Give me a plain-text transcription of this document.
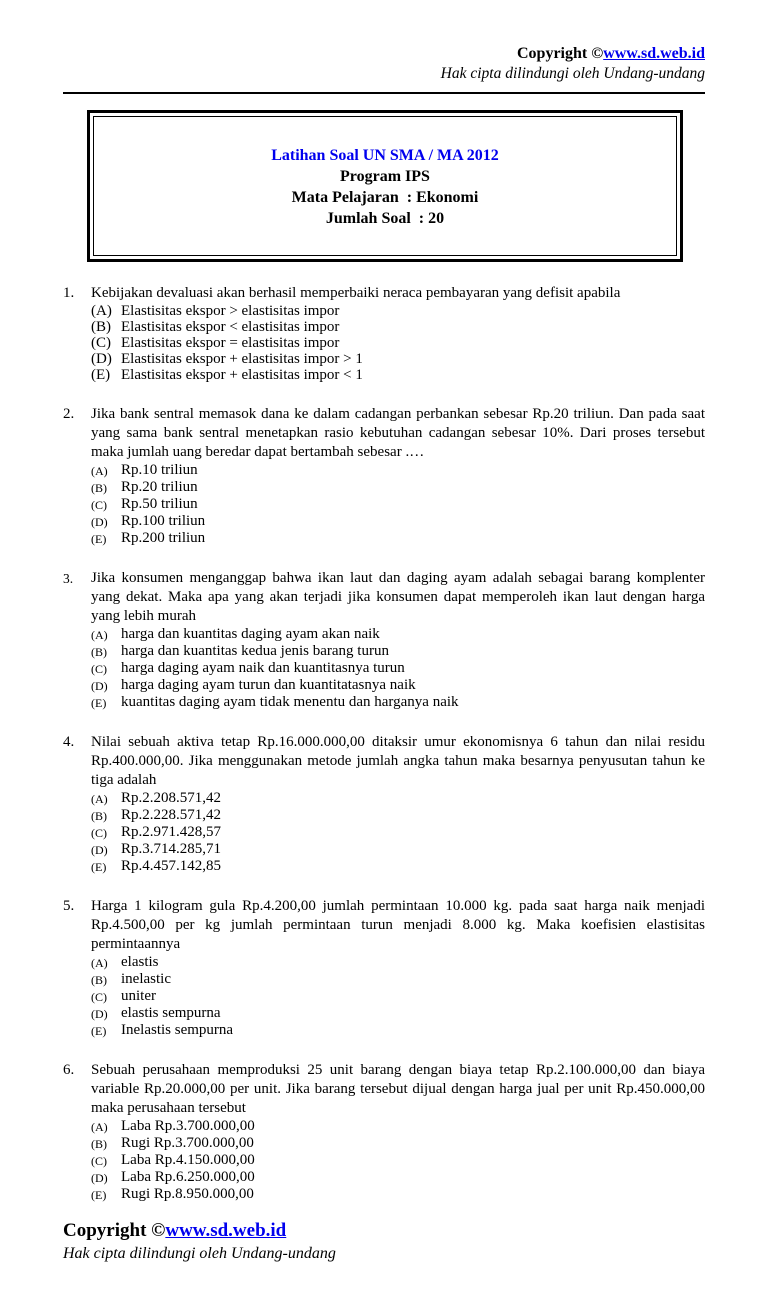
Copyright ©www.sd.web.id
Hak cipta dilindungi oleh Undang-undang
Latihan Soal UN SMA / MA 2012
Program IPS
Mata Pelajaran  : Ekonomi
Jumlah Soal  : 20
1.	Kebijakan devaluasi akan berhasil memperbaiki neraca pembayaran yang defisit apabila
(A) Elastisitas ekspor > elastisitas impor
(B) Elastisitas ekspor < elastisitas impor
(C) Elastisitas ekspor = elastisitas impor
(D) Elastisitas ekspor + elastisitas impor > 1
(E) Elastisitas ekspor + elastisitas impor < 1
2.	Jika bank sentral memasok dana ke dalam cadangan perbankan sebesar Rp.20 triliun. Dan pada saat yang sama bank sentral menetapkan rasio kebutuhan cadangan sebesar 10%. Dari proses tersebut maka jumlah uang beredar dapat bertambah sebesar .…
(A) Rp.10 triliun
(B) Rp.20 triliun
(C) Rp.50 triliun
(D) Rp.100 triliun
(E) Rp.200 triliun
3.	Jika konsumen menganggap bahwa ikan laut dan daging ayam adalah sebagai barang komplenter yang dekat. Maka apa yang akan terjadi jika konsumen dapat memperoleh ikan laut dengan harga yang lebih murah
(A) harga dan kuantitas daging ayam akan naik
(B) harga dan kuantitas kedua jenis barang turun
(C) harga daging ayam naik dan kuantitasnya turun
(D) harga daging ayam turun dan kuantitatasnya naik
(E) kuantitas daging ayam tidak menentu dan harganya naik
4.	Nilai sebuah aktiva tetap Rp.16.000.000,00 ditaksir umur ekonomisnya 6 tahun dan nilai residu Rp.400.000,00. Jika menggunakan metode jumlah angka tahun maka besarnya penyusutan tahun ke tiga adalah
(A) Rp.2.208.571,42
(B) Rp.2.228.571,42
(C) Rp.2.971.428,57
(D) Rp.3.714.285,71
(E) Rp.4.457.142,85
5.	Harga 1 kilogram gula Rp.4.200,00 jumlah permintaan 10.000 kg. pada saat harga naik menjadi Rp.4.500,00 per kg jumlah permintaan turun menjadi 8.000 kg. Maka koefisien elastisitas permintaannya
(A) elastis
(B) inelastic
(C) uniter
(D) elastis sempurna
(E) Inelastis sempurna
6.	Sebuah perusahaan memproduksi 25 unit barang dengan biaya tetap Rp.2.100.000,00 dan biaya variable Rp.20.000,00 per unit. Jika barang tersebut dijual dengan harga jual per unit Rp.450.000,00 maka perusahaan tersebut
(A) Laba Rp.3.700.000,00
(B) Rugi Rp.3.700.000,00
(C) Laba Rp.4.150.000,00
(D) Laba Rp.6.250.000,00
(E) Rugi Rp.8.950.000,00
Copyright ©www.sd.web.id
Hak cipta dilindungi oleh Undang-undang
